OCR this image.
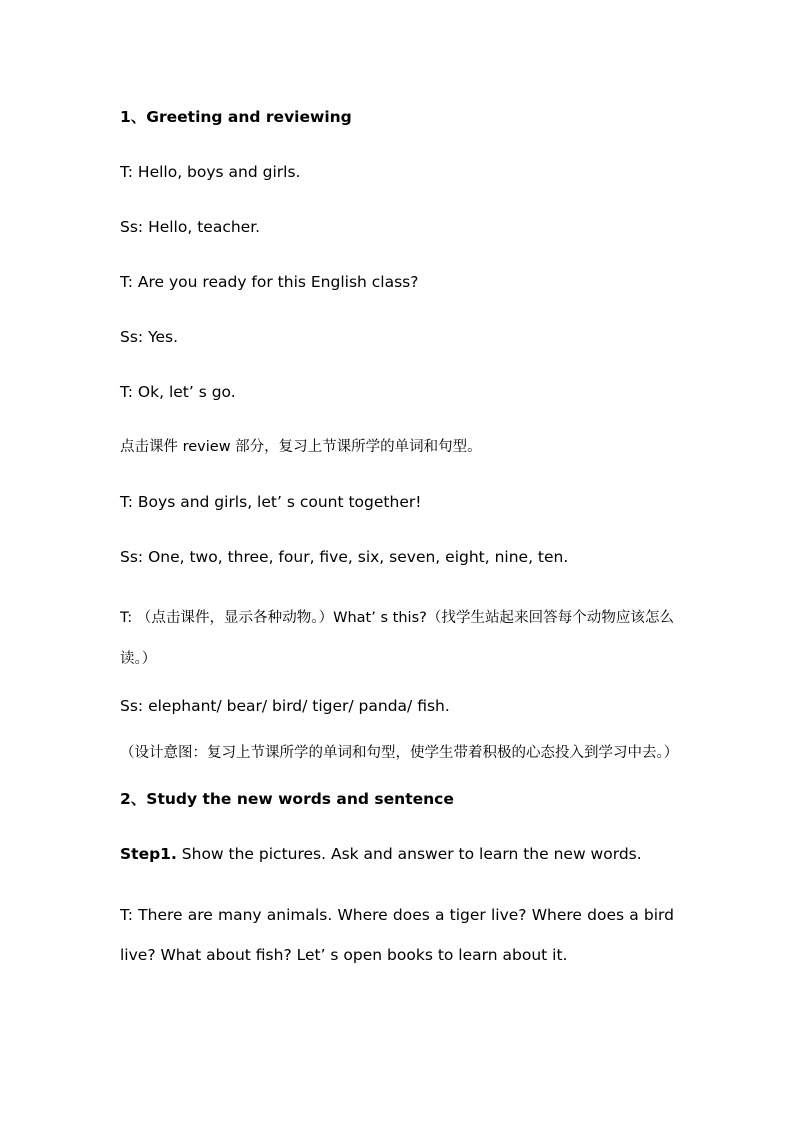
1、Greeting and reviewing

T: Hello, boys and girls.

Ss: Hello, teacher.

T: Are you ready for this English class?

Ss: Yes.

T: Ok, let’ s go.

点击课件 review 部分，复习上节课所学的单词和句型。

T: Boys and girls, let’ s count together!

Ss: One, two, three, four, five, six, seven, eight, nine, ten.

T: （点击课件，显示各种动物。）What’ s this?（找学生站起来回答每个动物应该怎么读。）

Ss: elephant/ bear/ bird/ tiger/ panda/ fish.

（设计意图：复习上节课所学的单词和句型，使学生带着积极的心态投入到学习中去。）

2、Study the new words and sentence

Step1. Show the pictures. Ask and answer to learn the new words.

T: There are many animals. Where does a tiger live? Where does a bird live? What about fish? Let’ s open books to learn about it.
